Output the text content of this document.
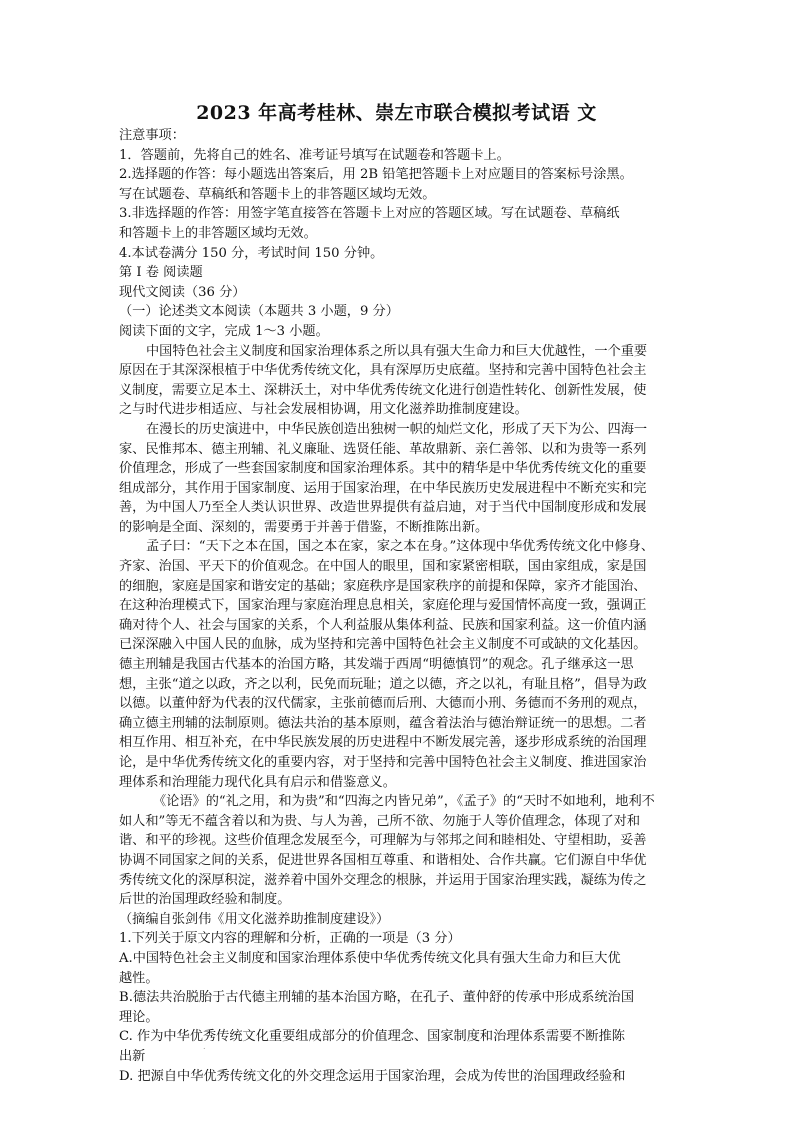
2023 年高考桂林、崇左市联合模拟考试语 文
注意事项：
1．答题前，先将自己的姓名、准考证号填写在试题卷和答题卡上。
2.选择题的作答：每小题选出答案后，用 2B 铅笔把答题卡上对应题目的答案标号涂黑。
写在试题卷、草稿纸和答题卡上的非答题区域均无效。
3.非选择题的作答：用签字笔直接答在答题卡上对应的答题区域。写在试题卷、草稿纸
和答题卡上的非答题区域均无效。
4.本试卷满分 150 分，考试时间 150 分钟。
第 Ⅰ 卷 阅读题
现代文阅读（36 分）
（一）论述类文本阅读（本题共 3 小题，9 分）
阅读下面的文字，完成 1～3 小题。
中国特色社会主义制度和国家治理体系之所以具有强大生命力和巨大优越性，一个重要
原因在于其深深根植于中华优秀传统文化，具有深厚历史底蕴。坚持和完善中国特色社会主
义制度，需要立足本土、深耕沃土，对中华优秀传统文化进行创造性转化、创新性发展，使
之与时代进步相适应、与社会发展相协调，用文化滋养助推制度建设。
在漫长的历史演进中，中华民族创造出独树一帜的灿烂文化，形成了天下为公、四海一
家、民惟邦本、德主刑辅、礼义廉耻、选贤任能、革故鼎新、亲仁善邻、以和为贵等一系列
价值理念，形成了一些套国家制度和国家治理体系。其中的精华是中华优秀传统文化的重要
组成部分，其作用于国家制度、运用于国家治理，在中华民族历史发展进程中不断充实和完
善，为中国人乃至全人类认识世界、改造世界提供有益启迪，对于当代中国制度形成和发展
的影响是全面、深刻的，需要勇于并善于借鉴，不断推陈出新。
孟子曰：“天下之本在国，国之本在家，家之本在身。”这体现中华优秀传统文化中修身、
齐家、治国、平天下的价值观念。在中国人的眼里，国和家紧密相联，国由家组成，家是国
的细胞，家庭是国家和谐安定的基础；家庭秩序是国家秩序的前提和保障，家齐才能国治、
在这种治理模式下，国家治理与家庭治理息息相关，家庭伦理与爱国情怀高度一致，强调正
确对待个人、社会与国家的关系，个人利益服从集体利益、民族和国家利益。这一价值内涵
已深深融入中国人民的血脉，成为坚持和完善中国特色社会主义制度不可或缺的文化基因。
德主刑辅是我国古代基本的治国方略，其发端于西周“明德慎罚”的观念。孔子继承这一思
想，主张“道之以政，齐之以利，民免而玩耻；道之以德，齐之以礼，有耻且格”，倡导为政
以德。以董仲舒为代表的汉代儒家，主张前德而后刑、大德而小刑、务德而不务刑的观点，
确立德主刑辅的法制原则。德法共治的基本原则，蕴含着法治与德治辩证统一的思想。二者
相互作用、相互补充，在中华民族发展的历史进程中不断发展完善，逐步形成系统的治国理
论，是中华优秀传统文化的重要内容，对于坚持和完善中国特色社会主义制度、推进国家治
理体系和治理能力现代化具有启示和借鉴意义。
《论语》的“礼之用，和为贵”和“四海之内皆兄弟”，《孟子》的“天时不如地利，地利不
如人和”等无不蕴含着以和为贵、与人为善，己所不欲、勿施于人等价值理念，体现了对和
谐、和平的珍视。这些价值理念发展至今，可理解为与邻邦之间和睦相处、守望相助，妥善
协调不同国家之间的关系，促进世界各国相互尊重、和谐相处、合作共赢。它们源自中华优
秀传统文化的深厚积淀，滋养着中国外交理念的根脉，并运用于国家治理实践，凝练为传之
后世的治国理政经验和制度。
（摘编自张剑伟《用文化滋养助推制度建设》）
1.下列关于原文内容的理解和分析，正确的一项是（3 分）
A.中国特色社会主义制度和国家治理体系使中华优秀传统文化具有强大生命力和巨大优
越性。
B.德法共治脱胎于古代德主刑辅的基本治国方略，在孔子、董仲舒的传承中形成系统治国
理论。
C. 作为中华优秀传统文化重要组成部分的价值理念、国家制度和治理体系需要不断推陈
出新
D. 把源自中华优秀传统文化的外交理念运用于国家治理，会成为传世的治国理政经验和
.
